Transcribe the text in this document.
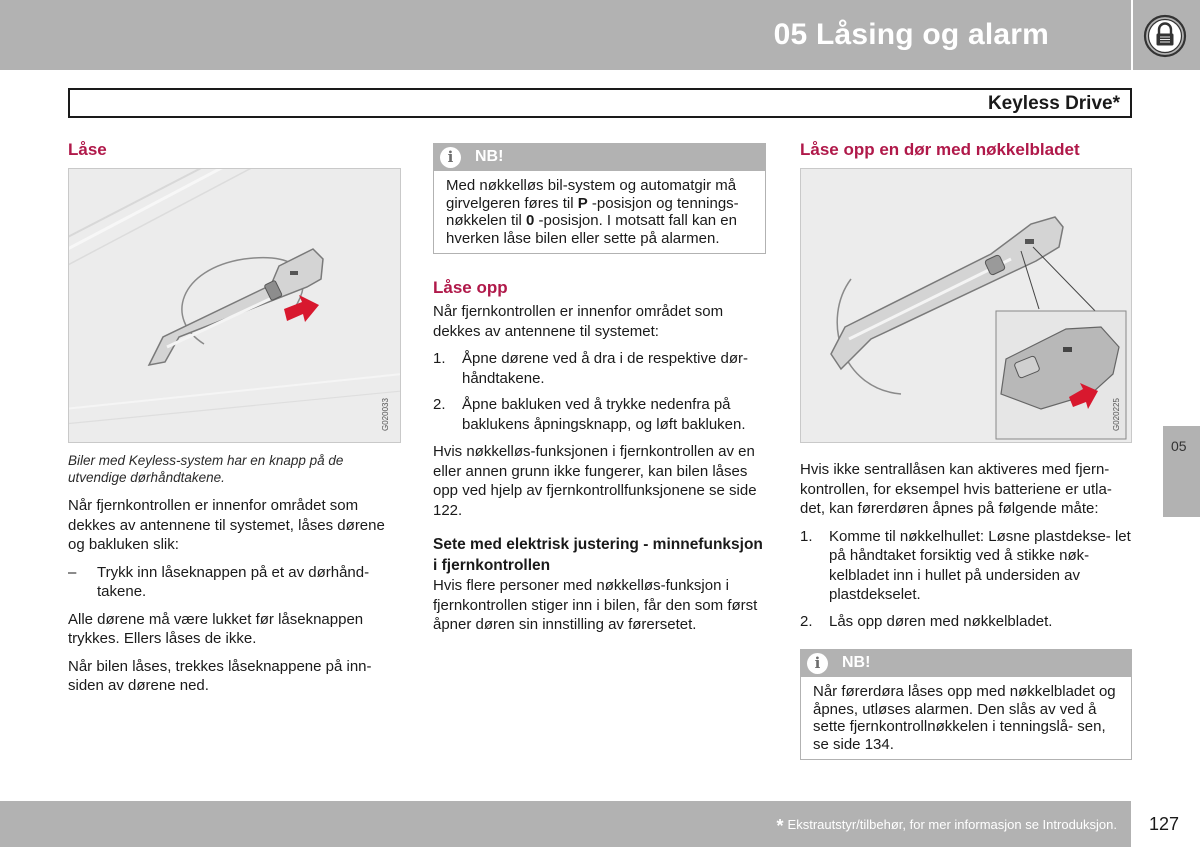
05 Låsing og alarm
Keyless Drive*
05
Låse
G020033

Biler med Keyless-system har en knapp på de utvendige dørhåndtakene.

Når fjernkontrollen er innenfor området som dekkes av antennene til systemet, låses dørene og bakluken slik:

– Trykk inn låseknappen på et av dørhånd- takene.

Alle dørene må være lukket før låseknappen trykkes. Ellers låses de ikke.

Når bilen låses, trekkes låseknappene på inn- siden av dørene ned.

i	NB!
Med nøkkelløs bil-system og automatgir må girvelgeren føres til P -posisjon og tennings- nøkkelen til 0 -posisjon. I motsatt fall kan en hverken låse bilen eller sette på alarmen.
Låse opp

Når fjernkontrollen er innenfor området som dekkes av antennene til systemet:

1. Åpne dørene ved å dra i de respektive dør- håndtakene.
2. Åpne bakluken ved å trykke nedenfra på baklukens åpningsknapp, og løft bakluken.

Hvis nøkkelløs-funksjonen i fjernkontrollen av en eller annen grunn ikke fungerer, kan bilen låses opp ved hjelp av fjernkontrollfunksjonene se side 122.

Sete med elektrisk justering - minnefunksjon i fjernkontrollen

Hvis flere personer med nøkkelløs-funksjon i fjernkontrollen stiger inn i bilen, får den som først åpner døren sin innstilling av førersetet.

Låse opp en dør med nøkkelbladet
G020225

Hvis ikke sentrallåsen kan aktiveres med fjern- kontrollen, for eksempel hvis batteriene er utla- det, kan førerdøren åpnes på følgende måte:

1. Komme til nøkkelhullet: Løsne plastdekse- let på håndtaket forsiktig ved å stikke nøk- kelbladet inn i hullet på undersiden av plastdekselet.
2. Lås opp døren med nøkkelbladet.
i	NB!
Når førerdøra låses opp med nøkkelbladet og åpnes, utløses alarmen. Den slås av ved å sette fjernkontrollnøkkelen i tenningslå- sen, se side 134.
* Ekstrautstyr/tilbehør, for mer informasjon se Introduksjon. 127
